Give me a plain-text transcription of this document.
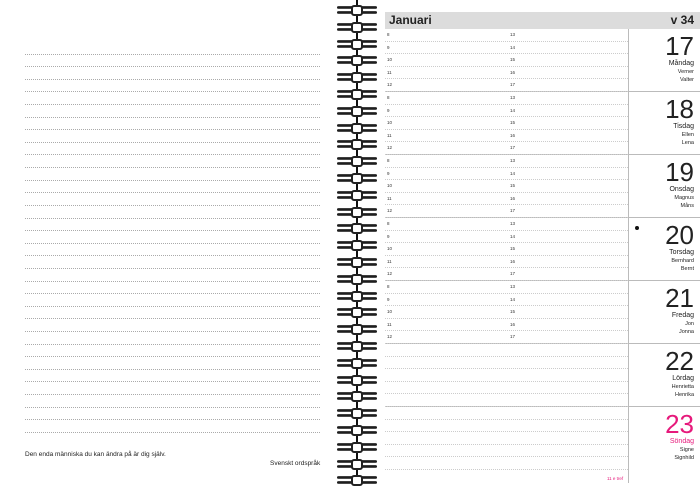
Den enda människa du kan ändra på är dig själv.
Svenskt ordspråk
Januari	v 34
8	13
9	14
10	15
11	16
12	17
17
Måndag
Verner
Valter
8	13
9	14
10	15
11	16
12	17
18
Tisdag
Ellen
Lena
8	13
9	14
10	15
11	16
12	17
19
Onsdag
Magnus
Måns
8	13
9	14
10	15
11	16
12	17
20
Torsdag
Bernhard
Bernt
8	13
9	14
10	15
11	16
12	17
21
Fredag
Jon
Jonna
22
Lördag
Henrietta
Henrika
11 e tref
23
Söndag
Signe
Signhild
